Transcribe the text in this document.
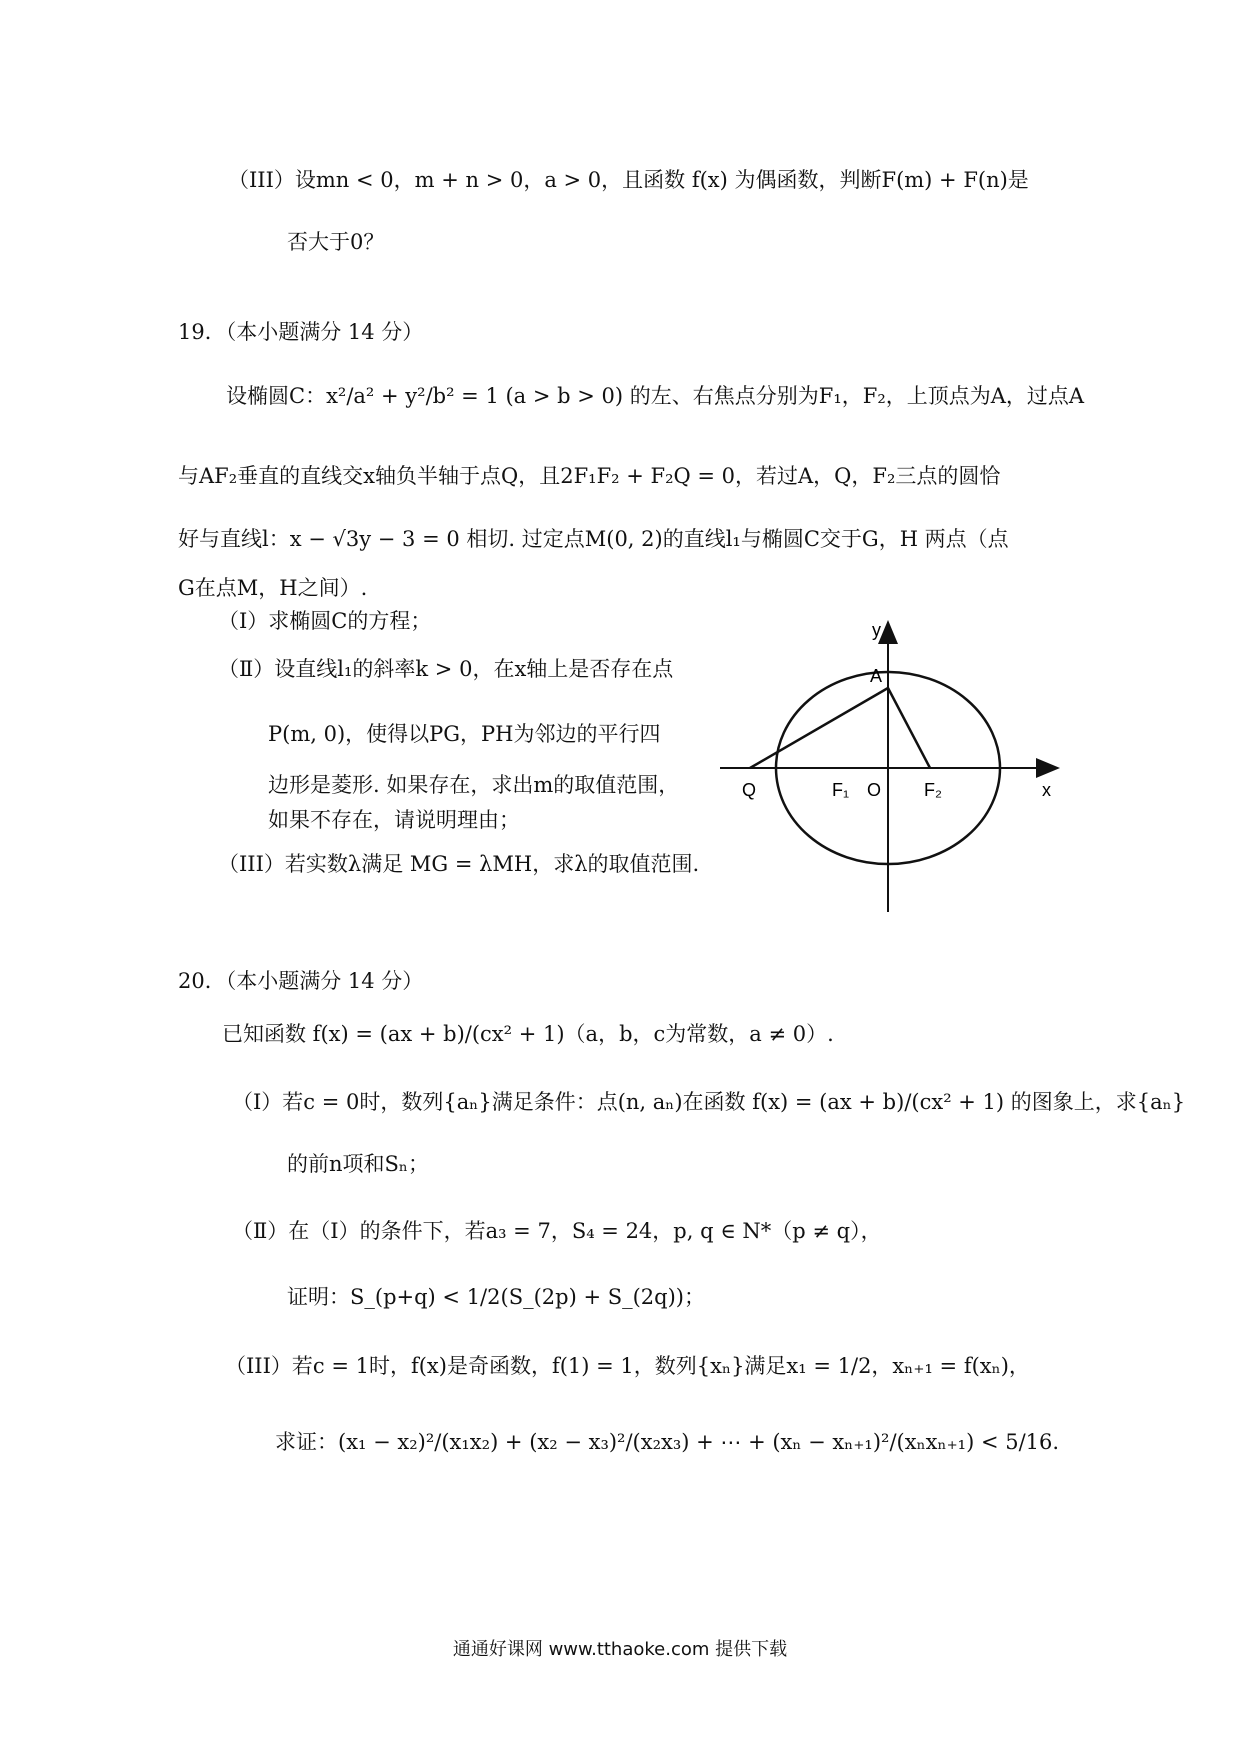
（III）设mn < 0，m + n > 0，a > 0，且函数 f(x) 为偶函数，判断F(m) + F(n)是
否大于0？
19．（本小题满分 14 分）
设椭圆C：x²/a² + y²/b² = 1 (a > b > 0) 的左、右焦点分别为F₁，F₂，上顶点为A，过点A
与AF₂垂直的直线交x轴负半轴于点Q，且2F₁F₂ + F₂Q = 0，若过A，Q，F₂三点的圆恰
好与直线l：x − √3y − 3 = 0 相切. 过定点M(0, 2)的直线l₁与椭圆C交于G，H 两点（点
G在点M，H之间）.
（Ⅰ）求椭圆C的方程；
（Ⅱ）设直线l₁的斜率k > 0，在x轴上是否存在点
P(m, 0)，使得以PG，PH为邻边的平行四
边形是菱形. 如果存在，求出m的取值范围，
如果不存在，请说明理由；
（III）若实数λ满足 MG = λMH，求λ的取值范围.
y
A
Q	F₁ O F₂	x
20．（本小题满分 14 分）
已知函数 f(x) = (ax + b)/(cx² + 1)（a，b，c为常数，a ≠ 0）.
（Ⅰ）若c = 0时，数列{aₙ}满足条件：点(n, aₙ)在函数 f(x) = (ax + b)/(cx² + 1) 的图象上，求{aₙ}
的前n项和Sₙ；
（Ⅱ）在（Ⅰ）的条件下，若a₃ = 7，S₄ = 24，p, q ∈ N*（p ≠ q），
证明：S_(p+q) < 1/2(S_(2p) + S_(2q))；
（III）若c = 1时，f(x)是奇函数，f(1) = 1，数列{xₙ}满足x₁ = 1/2，xₙ₊₁ = f(xₙ)，
求证：(x₁ − x₂)²/(x₁x₂) + (x₂ − x₃)²/(x₂x₃) + ⋯ + (xₙ − xₙ₊₁)²/(xₙxₙ₊₁) < 5/16.
通通好课网 www.tthaoke.com 提供下载
